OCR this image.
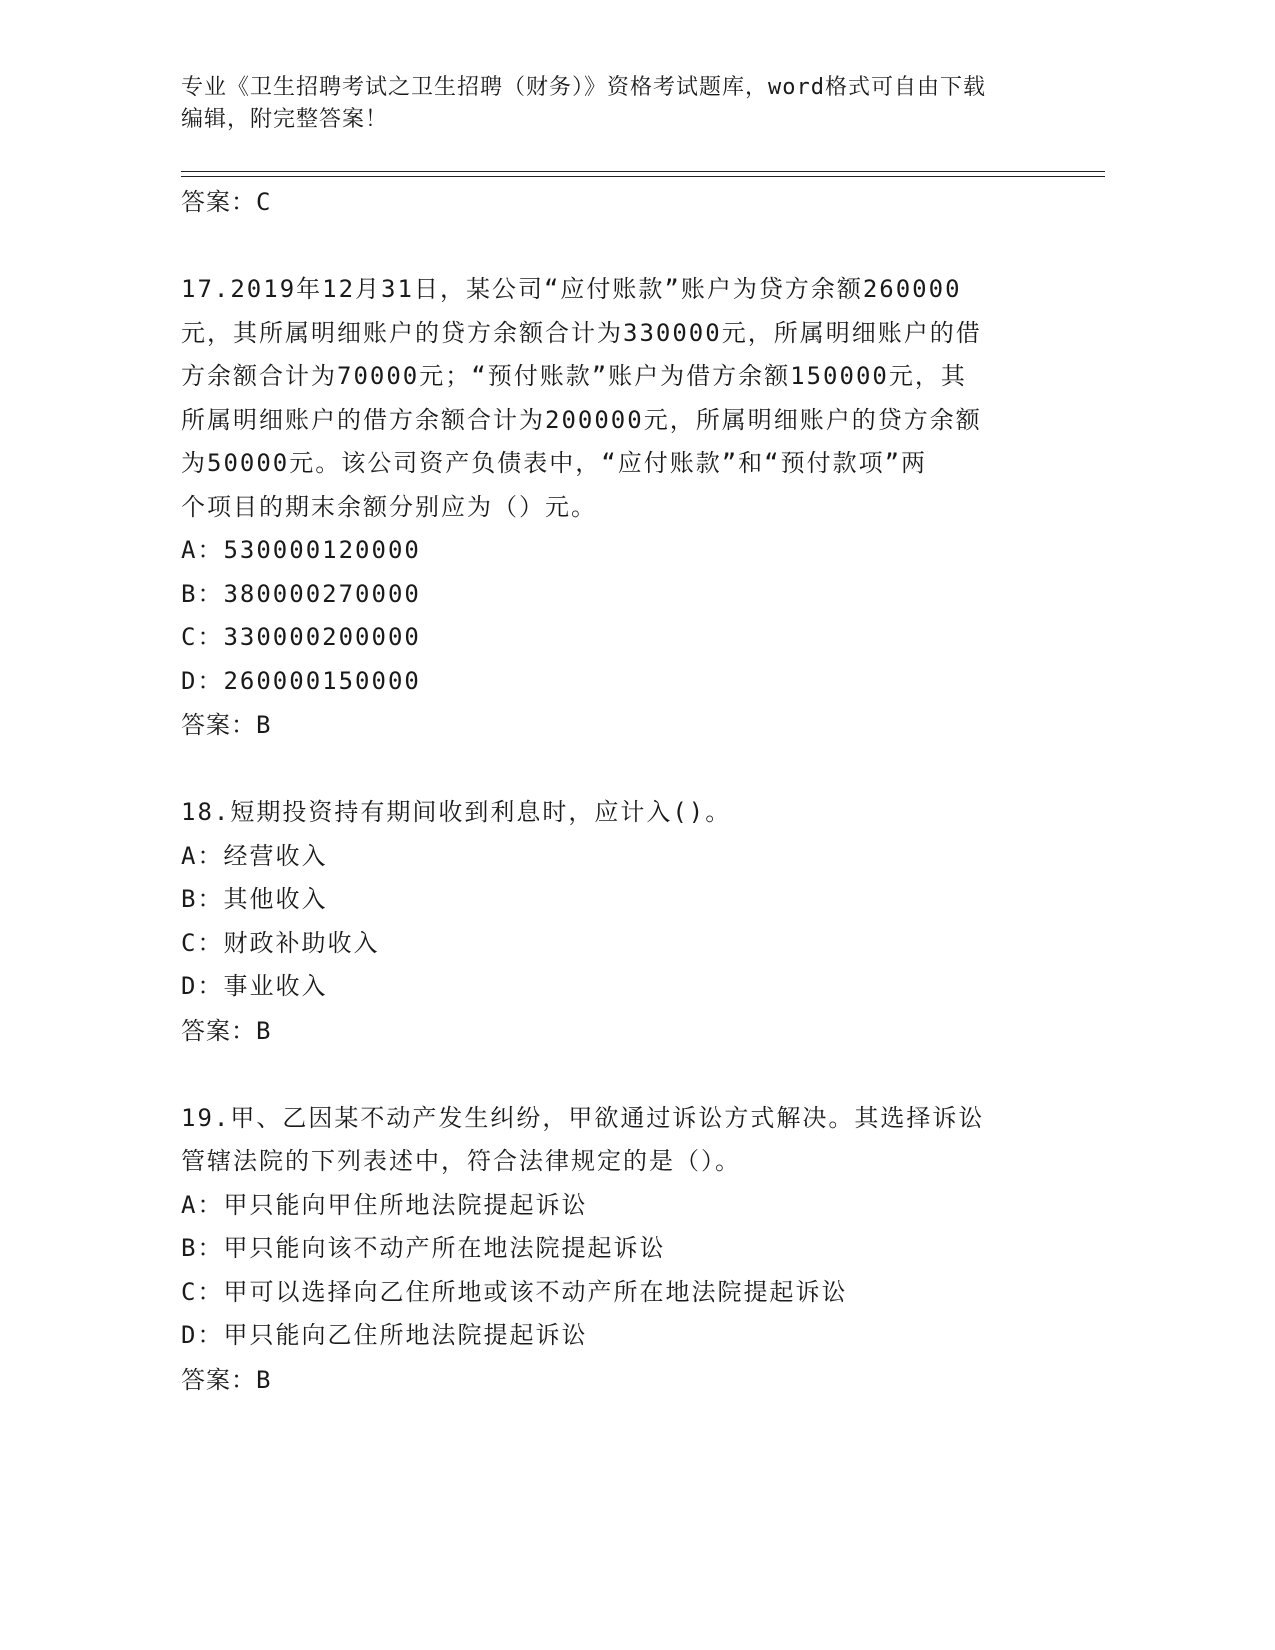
专业《卫生招聘考试之卫生招聘（财务）》资格考试题库，word格式可自由下载
编辑，附完整答案！
答案：C
17.2019年12月31日，某公司“应付账款”账户为贷方余额260000
元，其所属明细账户的贷方余额合计为330000元，所属明细账户的借
方余额合计为70000元；“预付账款”账户为借方余额150000元，其
所属明细账户的借方余额合计为200000元，所属明细账户的贷方余额
为50000元。该公司资产负债表中，“应付账款”和“预付款项”两
个项目的期末余额分别应为（）元。
A：530000120000
B：380000270000
C：330000200000
D：260000150000
答案：B
18.短期投资持有期间收到利息时，应计入()。
A：经营收入
B：其他收入
C：财政补助收入
D：事业收入
答案：B
19.甲、乙因某不动产发生纠纷，甲欲通过诉讼方式解决。其选择诉讼
管辖法院的下列表述中，符合法律规定的是（）。
A：甲只能向甲住所地法院提起诉讼
B：甲只能向该不动产所在地法院提起诉讼
C：甲可以选择向乙住所地或该不动产所在地法院提起诉讼
D：甲只能向乙住所地法院提起诉讼
答案：B
